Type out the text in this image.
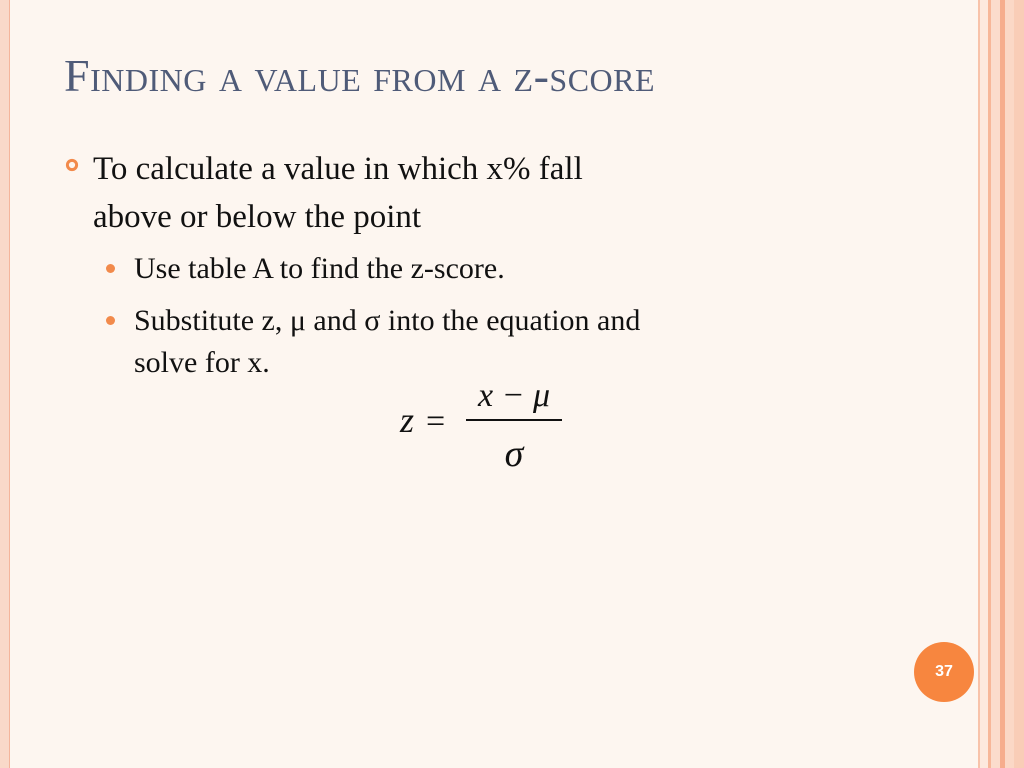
Finding a value from a z-score
To calculate a value in which x% fall
above or below the point
Use table A to find the z-score.
Substitute z, μ and σ into the equation and
solve for x.
z =
x − μ
σ
37
